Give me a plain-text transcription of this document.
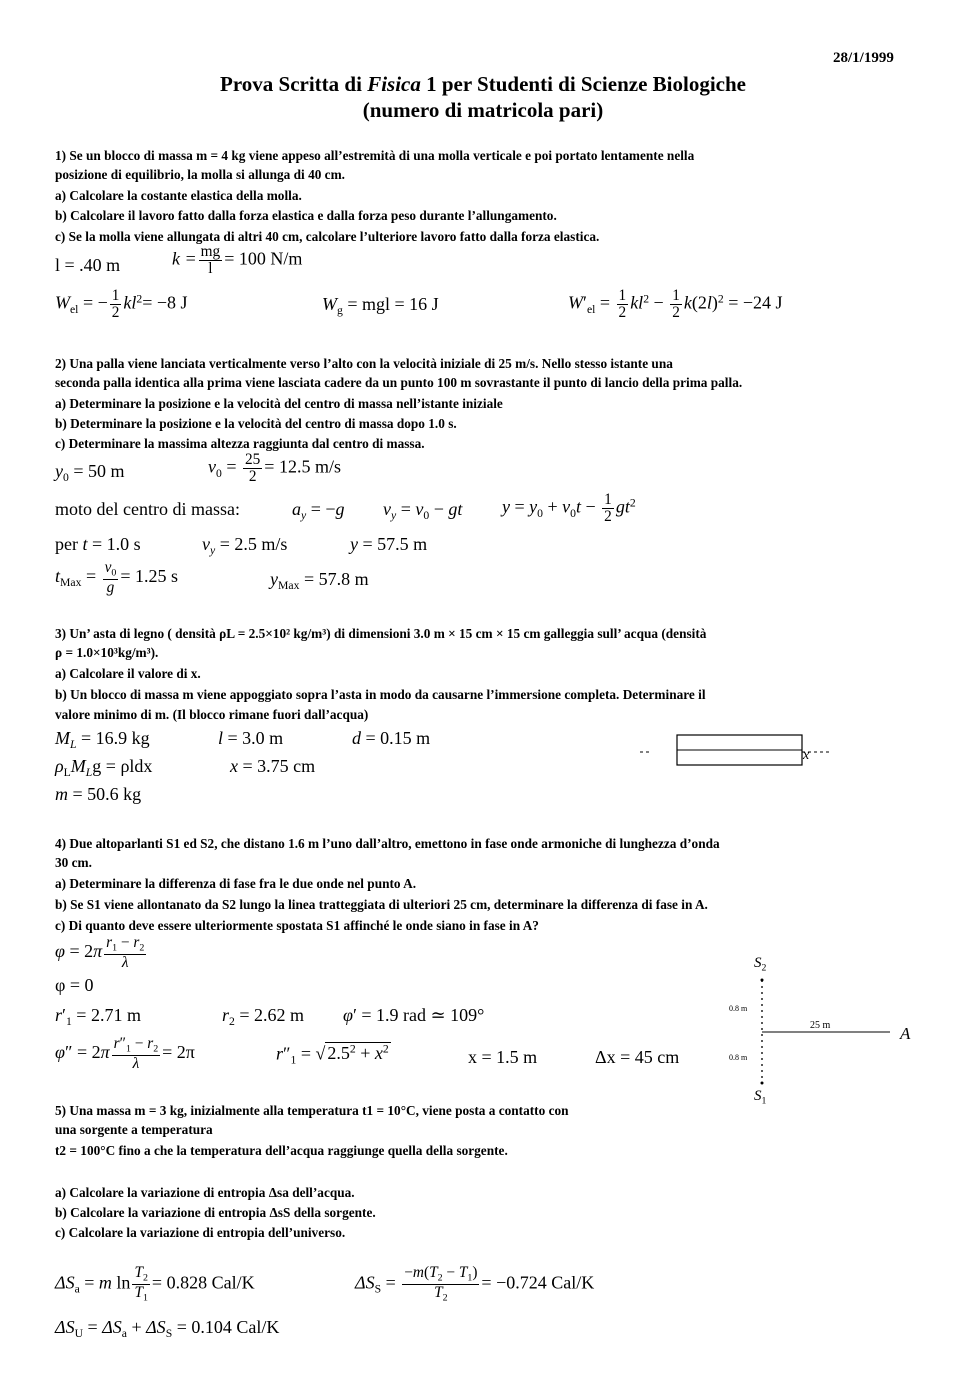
28/1/1999
Prova Scritta di Fisica 1 per Studenti di Scienze Biologiche
(numero di matricola pari)
1) Se un blocco di massa m = 4 kg viene appeso all’estremità di una molla verticale e poi portato lentamente nella
posizione di equilibrio, la molla si allunga di 40 cm.
a) Calcolare la costante elastica della molla.
b) Calcolare il lavoro fatto dalla forza elastica e dalla forza peso durante l’allungamento.
c) Se la molla viene allungata di altri 40 cm, calcolare l’ulteriore lavoro fatto dalla forza elastica.
l = .40 m	$k = \frac{mg}{l} = 100$ N/m
$W_{el}$ = − $\frac{1}{2} kl^2= -8$ J	$W_g$ = mgl = 16 J	$W'_{el} = \frac{1}{2} kl^2 - \frac{1}{2} k(2l)^2 = -24$ J
2) Una palla viene lanciata verticalmente verso l’alto con la velocità iniziale di 25 m/s. Nello stesso istante una
seconda palla identica alla prima viene lasciata cadere da un punto 100 m sovrastante il punto di lancio della prima palla.
a) Determinare la posizione e la velocità del centro di massa nell’istante iniziale
b) Determinare la posizione e la velocità del centro di massa dopo 1.0 s.
c) Determinare la massima altezza raggiunta dal centro di massa.
$y_0 = 50$ m	$v_0 = \frac{25}{2} = 12.5$ m/s
moto del centro di massa:	$a_y = -g$ $v_y = v_0$ − gt $y = y_0 + v_0t - \frac{1}{2} gt^2$
per t = 1.0 s	$v_y = 2.5$ m/s	y = 57.5 m
$t_{Max} = \frac{v_0}{g} = 1.25$ s	$y_{Max} = 57.8$ m
3) Un’ asta di legno ( densità ρL = 2.5×10² kg/m³) di dimensioni 3.0 m × 15 cm × 15 cm galleggia sull’ acqua (densità
ρ = 1.0×10³kg/m³).
a) Calcolare il valore di x.
b) Un blocco di massa m viene appoggiato sopra l’asta in modo da causarne l’immersione completa. Determinare il
valore minimo di m. (Il blocco rimane fuori dall’acqua)
$M_L = 16.9$ kg	l = 3.0 m	d = 0.15 m
$\rho_LM_Lg = \rho ldx$	x = 3.75 cm
m = 50.6 kg
x
4) Due altoparlanti S1 ed S2, che distano 1.6 m l’uno dall’altro, emettono in fase onde armoniche di lunghezza d’onda
30 cm.
a) Determinare la differenza di fase fra le due onde nel punto A.
b) Se S1 viene allontanato da S2 lungo la linea tratteggiata di ulteriori 25 cm, determinare la differenza di fase in A.
c) Di quanto deve essere ulteriormente spostata S1 affinché le onde siano in fase in A?
$\varphi = 2\pi \frac{r_1 - r_2}{\lambda}$
φ = 0
$r'_1 = 2.71$ m	$r_2 = 2.62$ m φ′ = 1.9 rad ≃ 109°
$\varphi'' = 2\pi \frac{r''_1 - r_2}{\lambda} = 2\pi$	$r''_1$ = √ $2.5^2 + x^2$	x = 1.5 m	Δx = 45 cm
$S_2$
$S_1$
0.8 m
0.8 m
25 m	A
5) Una massa m = 3 kg, inizialmente alla temperatura t1 = 10°C, viene posta a contatto con
una sorgente a temperatura
t2 = 100°C fino a che la temperatura dell’acqua raggiunge quella della sorgente.
a) Calcolare la variazione di entropia Δsa dell’acqua.
b) Calcolare la variazione di entropia ΔsS della sorgente.
c) Calcolare la variazione di entropia dell’universo.
$\Delta S_a = m$ $\ln \frac{T_2}{T_1} = 0.828$ Cal/K	$\Delta S_S = \frac{-m(T_2 - T_1)}{T_2} = -0.724$ Cal/K
$\Delta S_U = \Delta S_a + \Delta S_S = 0.104$ Cal/K
